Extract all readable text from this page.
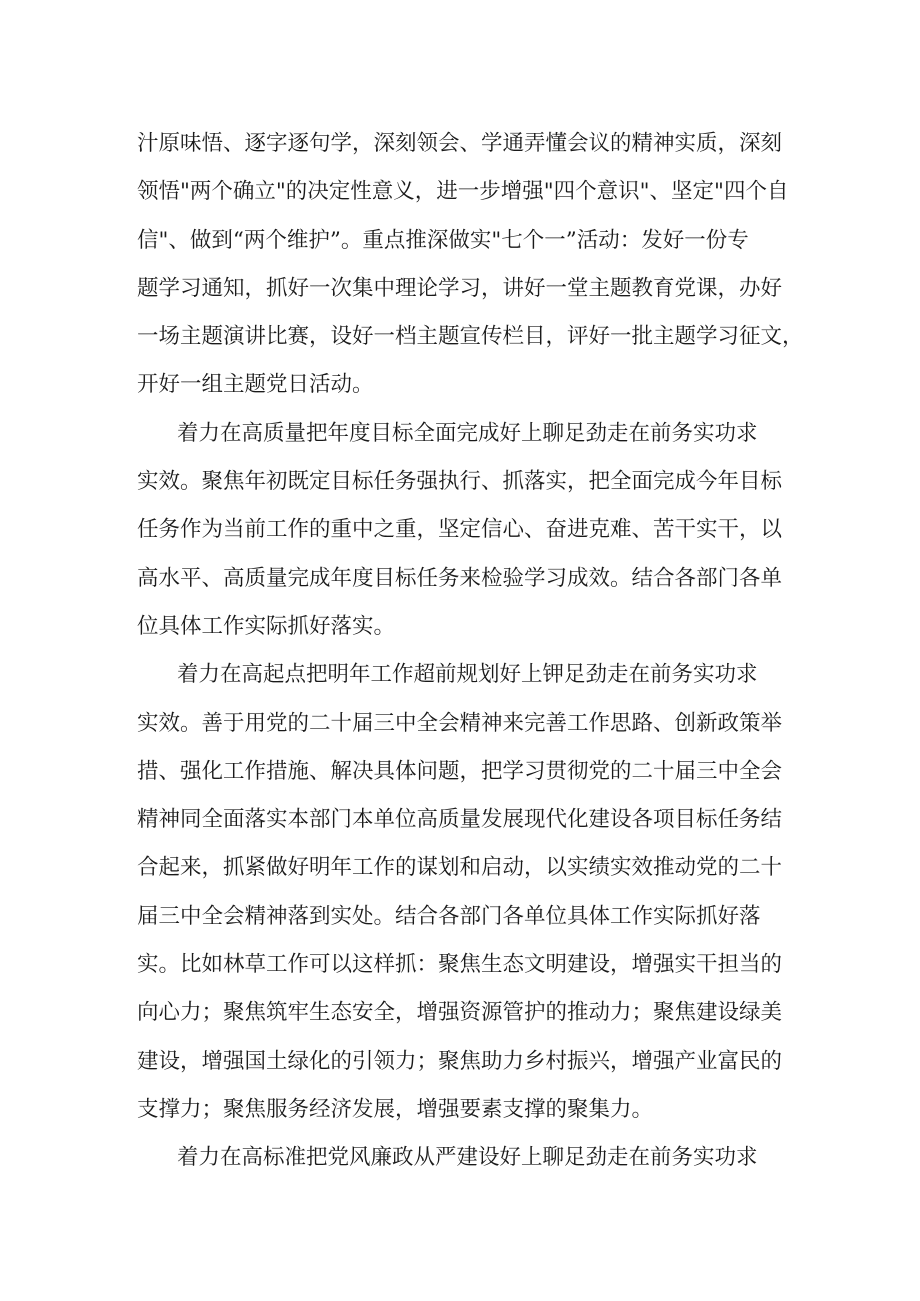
汁原味悟、逐字逐句学，深刻领会、学通弄懂会议的精神实质，深刻
领悟"两个确立"的决定性意义，进一步增强"四个意识"、坚定"四个自
信"、做到“两个维护”。重点推深做实"七个一”活动：发好一份专
题学习通知，抓好一次集中理论学习，讲好一堂主题教育党课，办好
一场主题演讲比赛，设好一档主题宣传栏目，评好一批主题学习征文，
开好一组主题党日活动。
着力在高质量把年度目标全面完成好上聊足劲走在前务实功求
实效。聚焦年初既定目标任务强执行、抓落实，把全面完成今年目标
任务作为当前工作的重中之重，坚定信心、奋进克难、苦干实干，以
高水平、高质量完成年度目标任务来检验学习成效。结合各部门各单
位具体工作实际抓好落实。
着力在高起点把明年工作超前规划好上钾足劲走在前务实功求
实效。善于用党的二十届三中全会精神来完善工作思路、创新政策举
措、强化工作措施、解决具体问题，把学习贯彻党的二十届三中全会
精神同全面落实本部门本单位高质量发展现代化建设各项目标任务结
合起来，抓紧做好明年工作的谋划和启动，以实绩实效推动党的二十
届三中全会精神落到实处。结合各部门各单位具体工作实际抓好落
实。比如林草工作可以这样抓：聚焦生态文明建设，增强实干担当的
向心力；聚焦筑牢生态安全，增强资源管护的推动力；聚焦建设绿美
建设，增强国土绿化的引领力；聚焦助力乡村振兴，增强产业富民的
支撑力；聚焦服务经济发展，增强要素支撑的聚集力。
着力在高标准把党风廉政从严建设好上聊足劲走在前务实功求
